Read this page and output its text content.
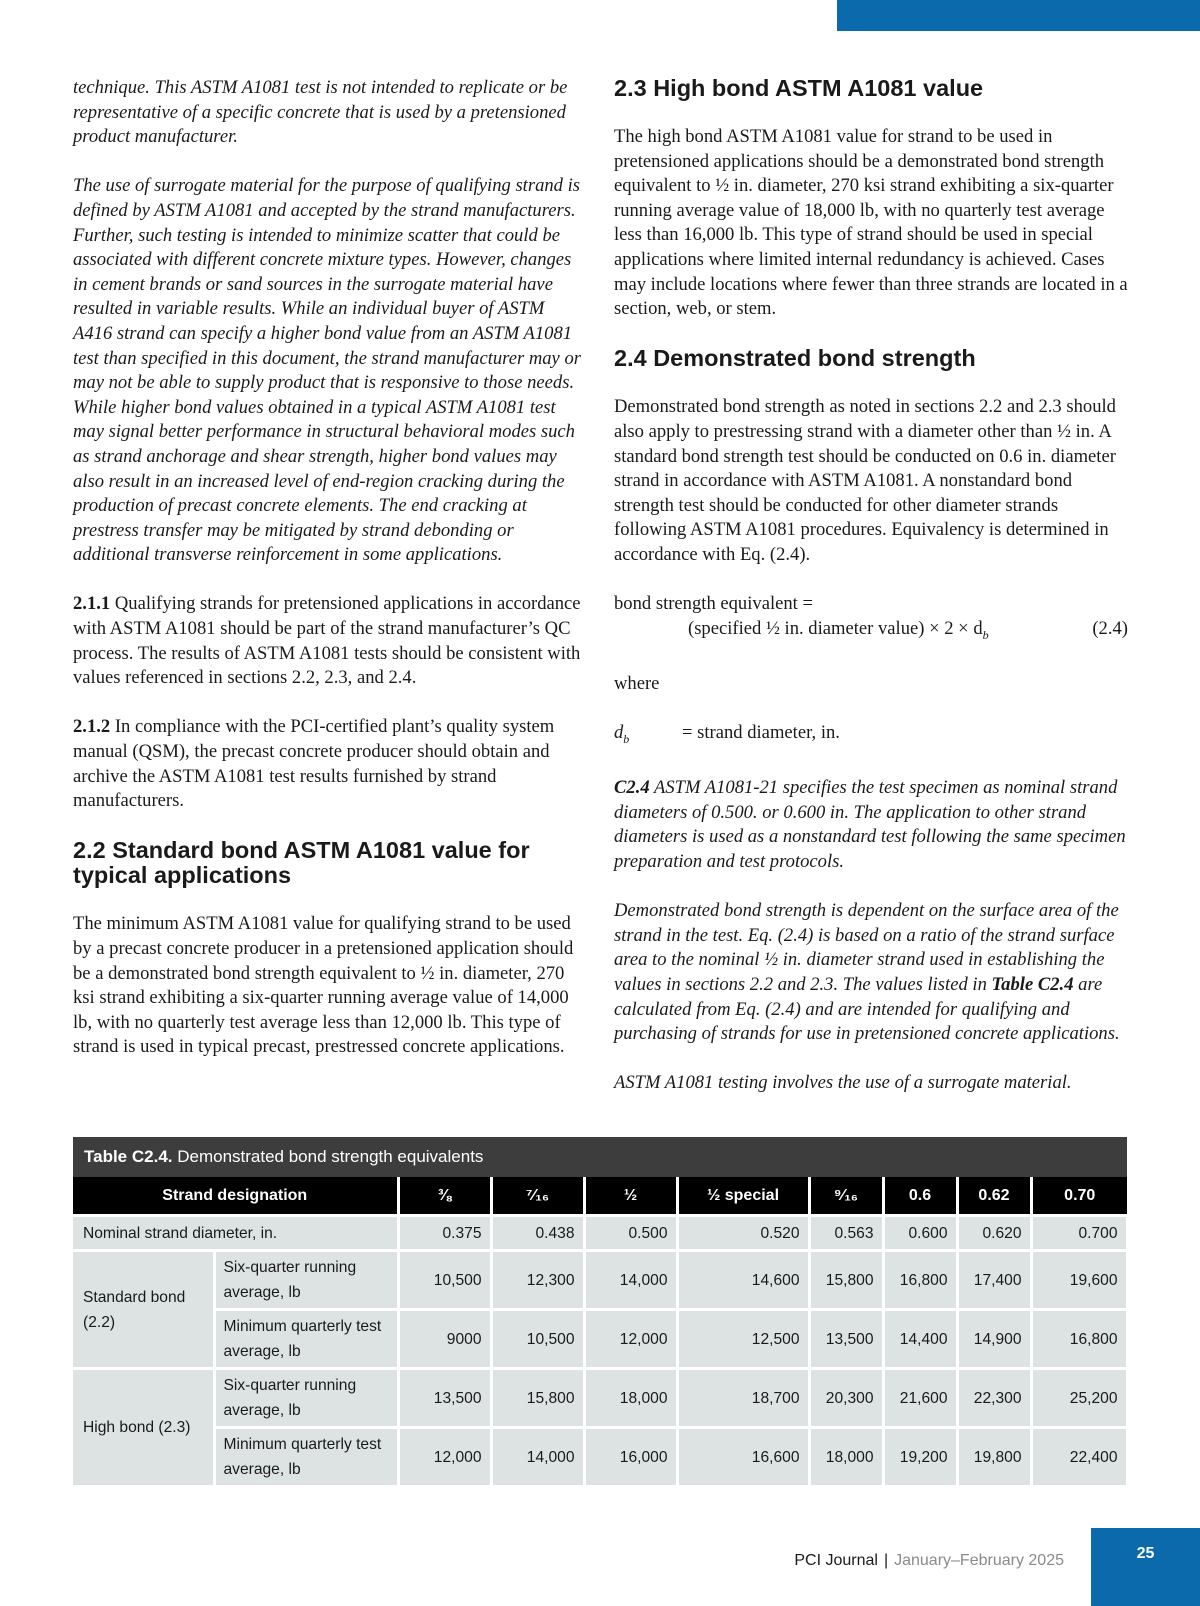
technique. This ASTM A1081 test is not intended to replicate or be representative of a specific concrete that is used by a pretensioned product manufacturer.

The use of surrogate material for the purpose of qualifying strand is defined by ASTM A1081 and accepted by the strand manufacturers. Further, such testing is intended to minimize scatter that could be associated with different concrete mixture types. However, changes in cement brands or sand sources in the surrogate material have resulted in variable results. While an individual buyer of ASTM A416 strand can specify a higher bond value from an ASTM A1081 test than specified in this document, the strand manufacturer may or may not be able to supply product that is responsive to those needs. While higher bond values obtained in a typical ASTM A1081 test may signal better performance in structural behavioral modes such as strand anchorage and shear strength, higher bond values may also result in an increased level of end-region cracking during the production of precast concrete elements. The end cracking at prestress transfer may be mitigated by strand debonding or additional transverse reinforcement in some applications.

2.1.1 Qualifying strands for pretensioned applications in accordance with ASTM A1081 should be part of the strand manufacturer’s QC process. The results of ASTM A1081 tests should be consistent with values referenced in sections 2.2, 2.3, and 2.4.

2.1.2 In compliance with the PCI-certified plant’s quality system manual (QSM), the precast concrete producer should obtain and archive the ASTM A1081 test results furnished by strand manufacturers.

2.2 Standard bond ASTM A1081 value for typical applications

The minimum ASTM A1081 value for qualifying strand to be used by a precast concrete producer in a pretensioned application should be a demonstrated bond strength equivalent to ½ in. diameter, 270 ksi strand exhibiting a six-quarter running average value of 14,000 lb, with no quarterly test average less than 12,000 lb. This type of strand is used in typical precast, prestressed concrete applications.

2.3 High bond ASTM A1081 value

The high bond ASTM A1081 value for strand to be used in pretensioned applications should be a demonstrated bond strength equivalent to ½ in. diameter, 270 ksi strand exhibiting a six-quarter running average value of 18,000 lb, with no quarterly test average less than 16,000 lb. This type of strand should be used in special applications where limited internal redundancy is achieved. Cases may include locations where fewer than three strands are located in a section, web, or stem.

2.4 Demonstrated bond strength

Demonstrated bond strength as noted in sections 2.2 and 2.3 should also apply to prestressing strand with a diameter other than ½ in. A standard bond strength test should be conducted on 0.6 in. diameter strand in accordance with ASTM A1081. A nonstandard bond strength test should be conducted for other diameter strands following ASTM A1081 procedures. Equivalency is determined in accordance with Eq. (2.4).

bond strength equivalent =
(specified ½ in. diameter value) × $2 \times d_b$	(2.4)

where

$d_b$	= strand diameter, in.

C2.4 ASTM A1081-21 specifies the test specimen as nominal strand diameters of 0.500. or 0.600 in. The application to other strand diameters is used as a nonstandard test following the same specimen preparation and test protocols.

Demonstrated bond strength is dependent on the surface area of the strand in the test. Eq. (2.4) is based on a ratio of the strand surface area to the nominal ½ in. diameter strand used in establishing the values in sections 2.2 and 2.3. The values listed in Table C2.4 are calculated from Eq. (2.4) and are intended for qualifying and purchasing of strands for use in pretensioned concrete applications.

ASTM A1081 testing involves the use of a surrogate material.

Table C2.4. Demonstrated bond strength equivalents
Strand designation		⅜	⁷⁄₁₆	½	½ special	⁹⁄₁₆	0.6	0.62	0.70
Nominal strand diameter, in.		0.375	0.438	0.500	0.520	0.563	0.600	0.620	0.700
Standard bond (2.2)	Six-quarter running average, lb	10,500	12,300	14,000	14,600	15,800	16,800	17,400	19,600
	Minimum quarterly test average, lb	9000	10,500	12,000	12,500	13,500	14,400	14,900	16,800
High bond (2.3)	Six-quarter running average, lb	13,500	15,800	18,000	18,700	20,300	21,600	22,300	25,200
	Minimum quarterly test average, lb	12,000	14,000	16,000	16,600	18,000	19,200	19,800	22,400
PCI Journal | January–February 2025	25
